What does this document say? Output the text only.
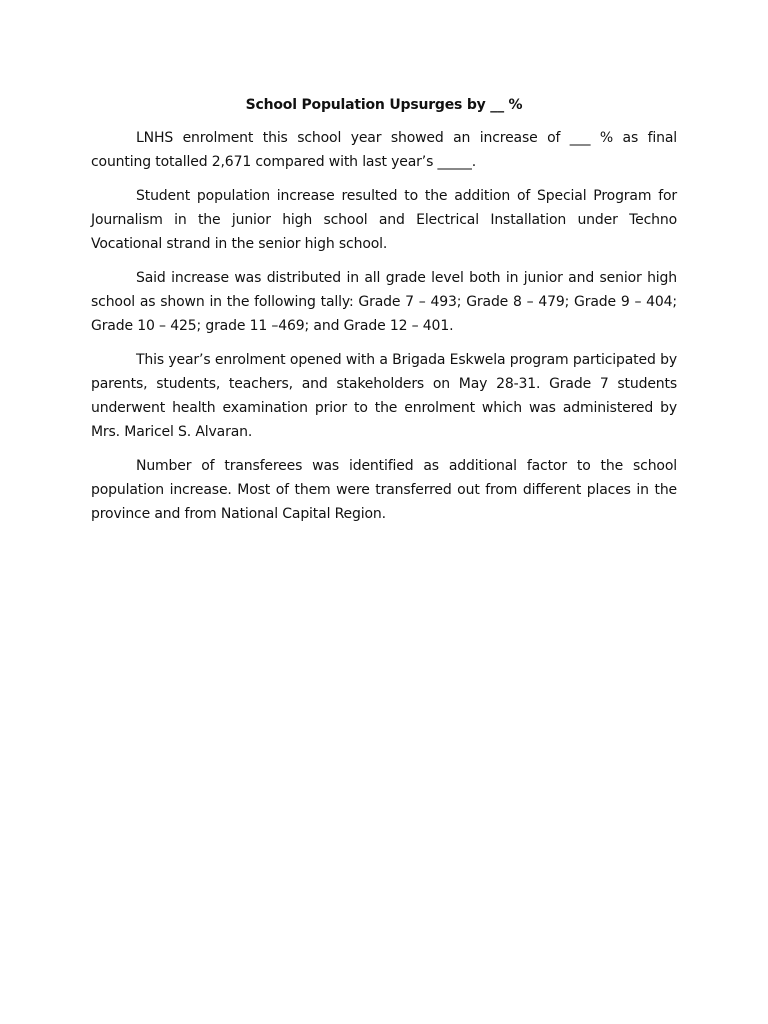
School Population Upsurges by __ %

LNHS enrolment this school year showed an increase of ___ % as final counting totalled 2,671 compared with last year’s _____.

Student population increase resulted to the addition of Special Program for Journalism in the junior high school and Electrical Installation under Techno Vocational strand in the senior high school.

Said increase was distributed in all grade level both in junior and senior high school as shown in the following tally: Grade 7 – 493; Grade 8 – 479; Grade 9 – 404; Grade 10 – 425; grade 11 –469; and Grade 12 – 401.

This year’s enrolment opened with a Brigada Eskwela program participated by parents, students, teachers, and stakeholders on May 28-31. Grade 7 students underwent health examination prior to the enrolment which was administered by Mrs. Maricel S. Alvaran.

Number of transferees was identified as additional factor to the school population increase. Most of them were transferred out from different places in the province and from National Capital Region.
